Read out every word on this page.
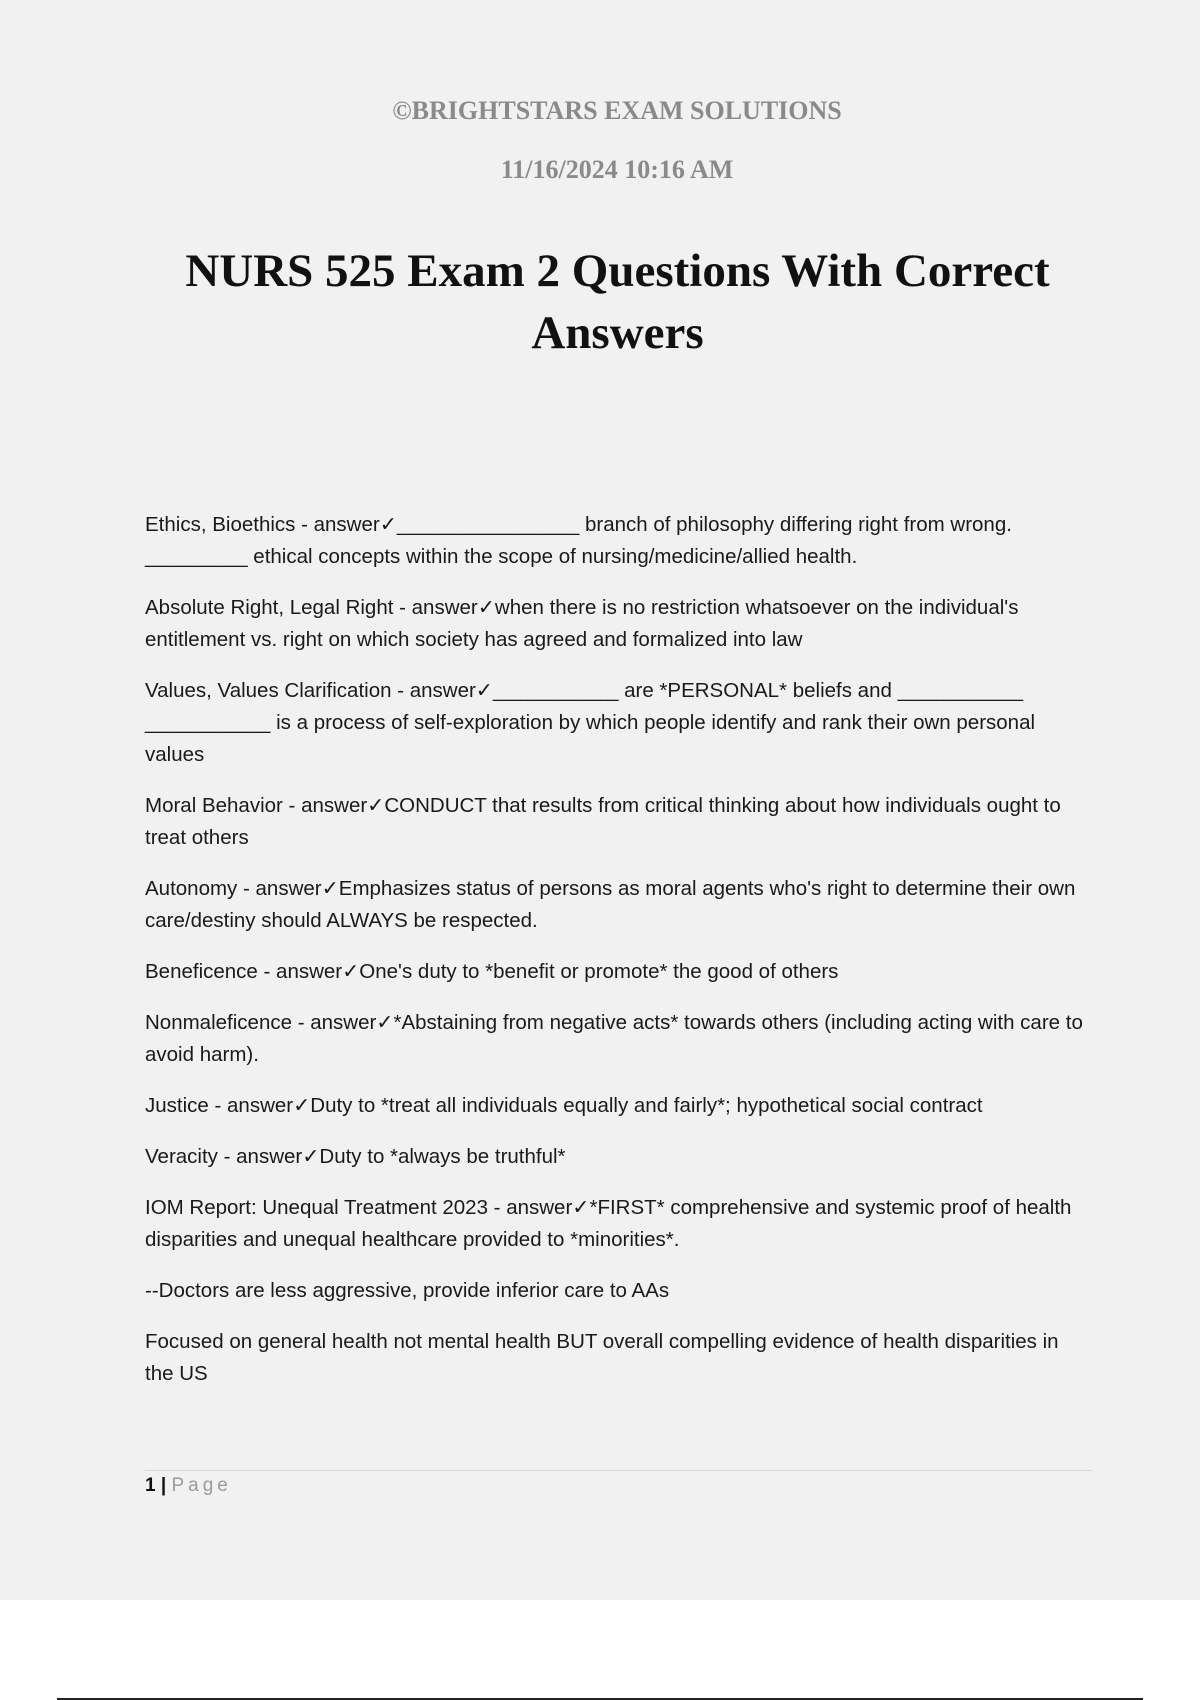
©BRIGHTSTARS EXAM SOLUTIONS

11/16/2024 10:16 AM

NURS 525 Exam 2 Questions With Correct Answers

Ethics, Bioethics - answer✓________________ branch of philosophy differing right from wrong. _________ ethical concepts within the scope of nursing/medicine/allied health.

Absolute Right, Legal Right - answer✓when there is no restriction whatsoever on the individual's entitlement vs. right on which society has agreed and formalized into law

Values, Values Clarification - answer✓___________ are *PERSONAL* beliefs and ___________ ___________ is a process of self-exploration by which people identify and rank their own personal values

Moral Behavior - answer✓CONDUCT that results from critical thinking about how individuals ought to treat others

Autonomy - answer✓Emphasizes status of persons as moral agents who's right to determine their own care/destiny should ALWAYS be respected.

Beneficence - answer✓One's duty to *benefit or promote* the good of others

Nonmaleficence - answer✓*Abstaining from negative acts* towards others (including acting with care to avoid harm).

Justice - answer✓Duty to *treat all individuals equally and fairly*; hypothetical social contract

Veracity - answer✓Duty to *always be truthful*

IOM Report: Unequal Treatment 2023 - answer✓*FIRST* comprehensive and systemic proof of health disparities and unequal healthcare provided to *minorities*.

--Doctors are less aggressive, provide inferior care to AAs

Focused on general health not mental health BUT overall compelling evidence of health disparities in the US

1 | Page
